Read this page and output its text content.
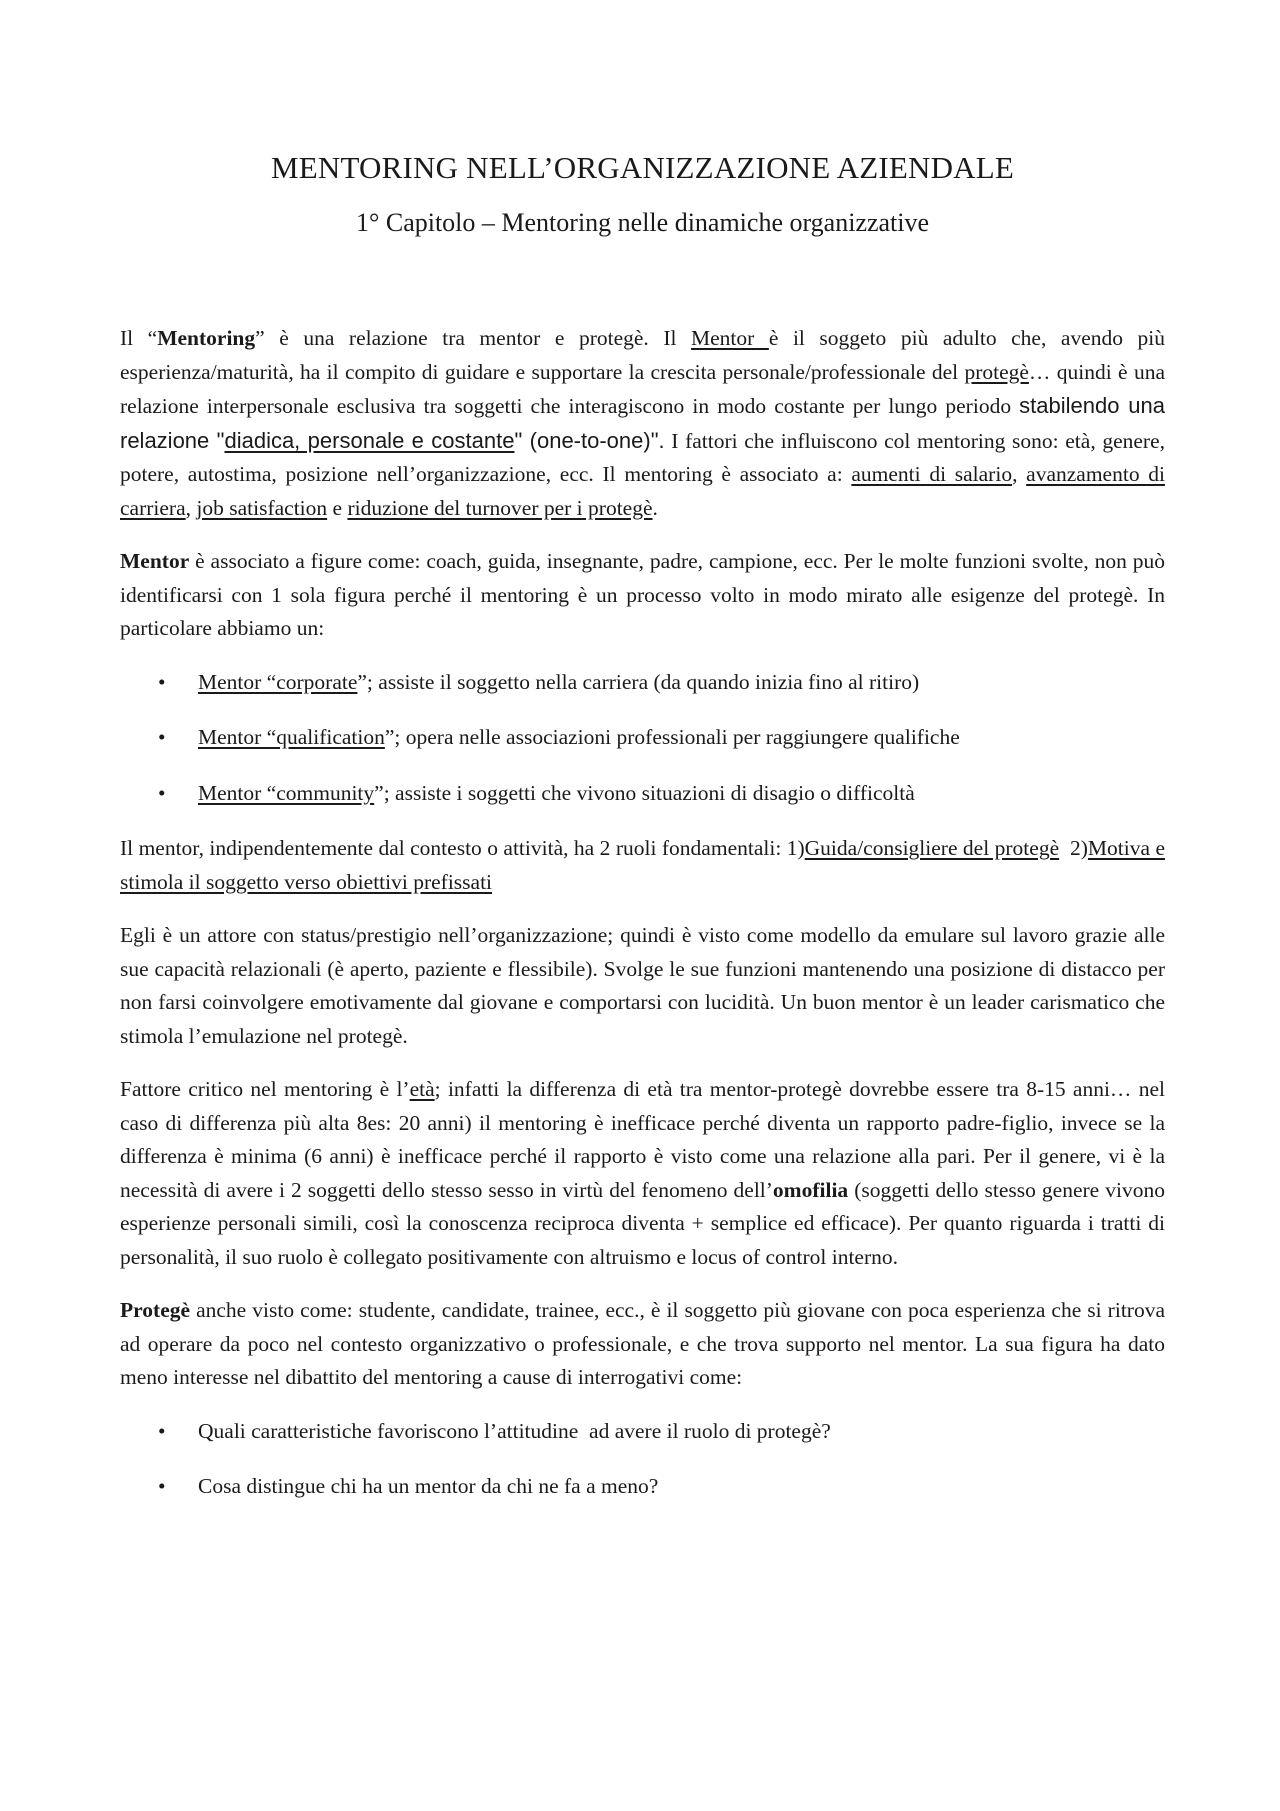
MENTORING NELL’ORGANIZZAZIONE AZIENDALE
1° Capitolo – Mentoring nelle dinamiche organizzative

Il “Mentoring” è una relazione tra mentor e protegè. Il Mentor è il soggeto più adulto che, avendo più esperienza/maturità, ha il compito di guidare e supportare la crescita personale/professionale del protegè… quindi è una relazione interpersonale esclusiva tra soggetti che interagiscono in modo costante per lungo periodo stabilendo una relazione "diadica, personale e costante" (one-to-one)". I fattori che influiscono col mentoring sono: età, genere, potere, autostima, posizione nell’organizzazione, ecc. Il mentoring è associato a: aumenti di salario, avanzamento di carriera, job satisfaction e riduzione del turnover per i protegè.

Mentor è associato a figure come: coach, guida, insegnante, padre, campione, ecc. Per le molte funzioni svolte, non può identificarsi con 1 sola figura perché il mentoring è un processo volto in modo mirato alle esigenze del protegè. In particolare abbiamo un:

• Mentor “corporate”; assiste il soggetto nella carriera (da quando inizia fino al ritiro)
• Mentor “qualification”; opera nelle associazioni professionali per raggiungere qualifiche
• Mentor “community”; assiste i soggetti che vivono situazioni di disagio o difficoltà

Il mentor, indipendentemente dal contesto o attività, ha 2 ruoli fondamentali: 1)Guida/consigliere del protegè  2)Motiva e stimola il soggetto verso obiettivi prefissati

Egli è un attore con status/prestigio nell’organizzazione; quindi è visto come modello da emulare sul lavoro grazie alle sue capacità relazionali (è aperto, paziente e flessibile). Svolge le sue funzioni mantenendo una posizione di distacco per non farsi coinvolgere emotivamente dal giovane e comportarsi con lucidità. Un buon mentor è un leader carismatico che stimola l’emulazione nel protegè.

Fattore critico nel mentoring è l’età; infatti la differenza di età tra mentor-protegè dovrebbe essere tra 8-15 anni… nel caso di differenza più alta 8es: 20 anni) il mentoring è inefficace perché diventa un rapporto padre-figlio, invece se la differenza è minima (6 anni) è inefficace perché il rapporto è visto come una relazione alla pari. Per il genere, vi è la necessità di avere i 2 soggetti dello stesso sesso in virtù del fenomeno dell’omofilia (soggetti dello stesso genere vivono esperienze personali simili, così la conoscenza reciproca diventa + semplice ed efficace). Per quanto riguarda i tratti di personalità, il suo ruolo è collegato positivamente con altruismo e locus of control interno.

Protegè anche visto come: studente, candidate, trainee, ecc., è il soggetto più giovane con poca esperienza che si ritrova ad operare da poco nel contesto organizzativo o professionale, e che trova supporto nel mentor. La sua figura ha dato meno interesse nel dibattito del mentoring a cause di interrogativi come:

• Quali caratteristiche favoriscono l’attitudine  ad avere il ruolo di protegè?
• Cosa distingue chi ha un mentor da chi ne fa a meno?
